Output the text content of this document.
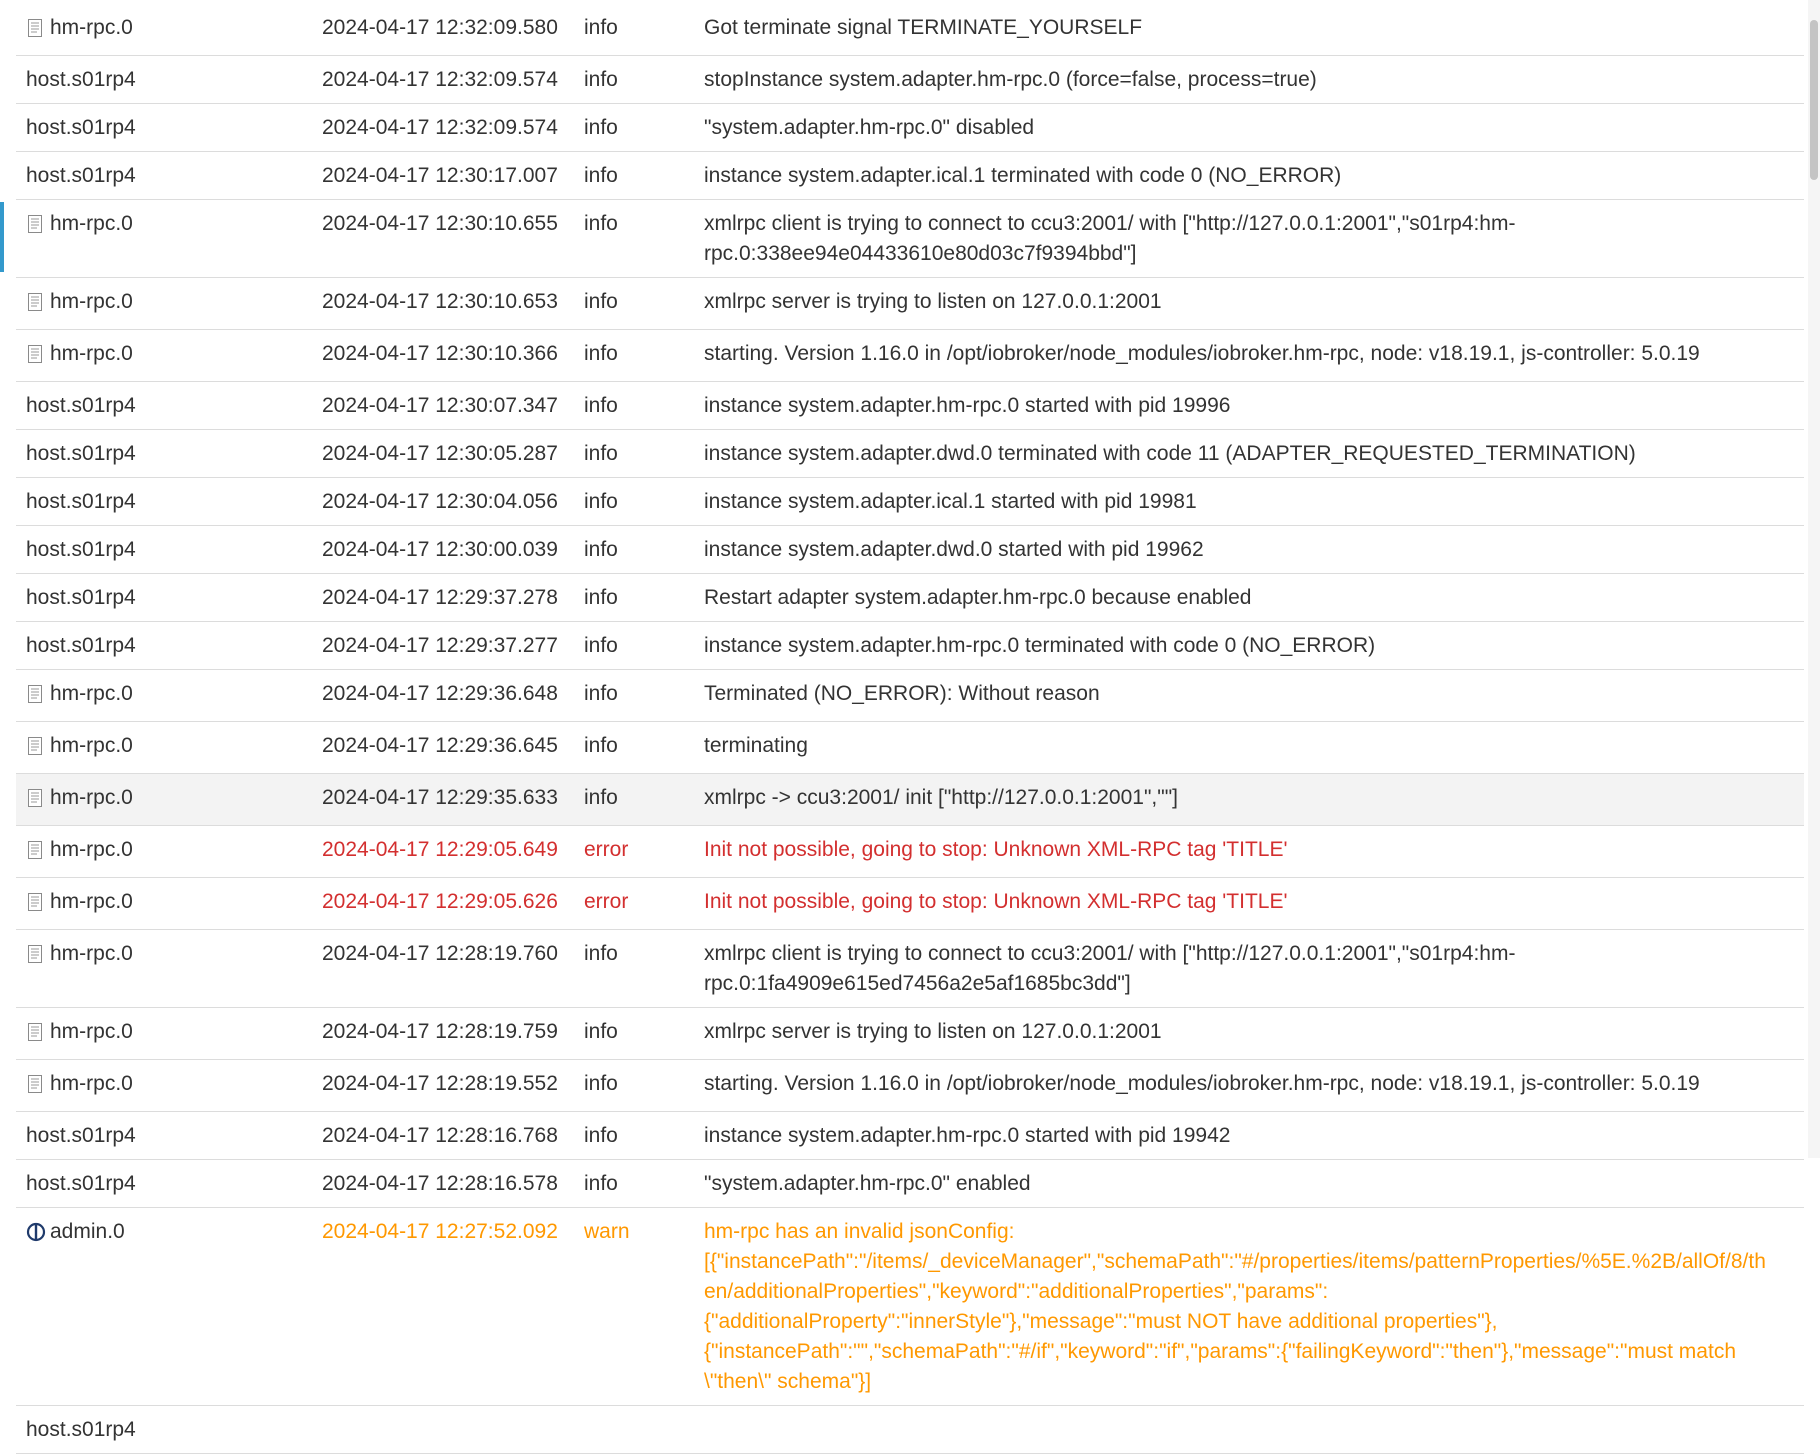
hm-rpc.0	2024-04-17 12:32:09.580	info	Got terminate signal TERMINATE_YOURSELF

host.s01rp4	2024-04-17 12:32:09.574	info	stopInstance system.adapter.hm-rpc.0 (force=false, process=true)

host.s01rp4	2024-04-17 12:32:09.574	info	"system.adapter.hm-rpc.0" disabled

host.s01rp4	2024-04-17 12:30:17.007	info	instance system.adapter.ical.1 terminated with code 0 (NO_ERROR)

hm-rpc.0	2024-04-17 12:30:10.655	info	xmlrpc client is trying to connect to ccu3:2001/ with ["http://127.0.0.1:2001","s01rp4:hm-rpc.0:338ee94e04433610e80d03c7f9394bbd"]

hm-rpc.0	2024-04-17 12:30:10.653	info	xmlrpc server is trying to listen on 127.0.0.1:2001

hm-rpc.0	2024-04-17 12:30:10.366	info	starting. Version 1.16.0 in /opt/iobroker/node_modules/iobroker.hm-rpc, node: v18.19.1, js-controller: 5.0.19

host.s01rp4	2024-04-17 12:30:07.347	info	instance system.adapter.hm-rpc.0 started with pid 19996

host.s01rp4	2024-04-17 12:30:05.287	info	instance system.adapter.dwd.0 terminated with code 11 (ADAPTER_REQUESTED_TERMINATION)

host.s01rp4	2024-04-17 12:30:04.056	info	instance system.adapter.ical.1 started with pid 19981

host.s01rp4	2024-04-17 12:30:00.039	info	instance system.adapter.dwd.0 started with pid 19962

host.s01rp4	2024-04-17 12:29:37.278	info	Restart adapter system.adapter.hm-rpc.0 because enabled

host.s01rp4	2024-04-17 12:29:37.277	info	instance system.adapter.hm-rpc.0 terminated with code 0 (NO_ERROR)

hm-rpc.0	2024-04-17 12:29:36.648	info	Terminated (NO_ERROR): Without reason

hm-rpc.0	2024-04-17 12:29:36.645	info	terminating

hm-rpc.0	2024-04-17 12:29:35.633	info	xmlrpc -> ccu3:2001/ init ["http://127.0.0.1:2001",""]

hm-rpc.0	2024-04-17 12:29:05.649	error	Init not possible, going to stop: Unknown XML-RPC tag 'TITLE'

hm-rpc.0	2024-04-17 12:29:05.626	error	Init not possible, going to stop: Unknown XML-RPC tag 'TITLE'

hm-rpc.0	2024-04-17 12:28:19.760	info	xmlrpc client is trying to connect to ccu3:2001/ with ["http://127.0.0.1:2001","s01rp4:hm-rpc.0:1fa4909e615ed7456a2e5af1685bc3dd"]

hm-rpc.0	2024-04-17 12:28:19.759	info	xmlrpc server is trying to listen on 127.0.0.1:2001

hm-rpc.0	2024-04-17 12:28:19.552	info	starting. Version 1.16.0 in /opt/iobroker/node_modules/iobroker.hm-rpc, node: v18.19.1, js-controller: 5.0.19

host.s01rp4	2024-04-17 12:28:16.768	info	instance system.adapter.hm-rpc.0 started with pid 19942

host.s01rp4	2024-04-17 12:28:16.578	info	"system.adapter.hm-rpc.0" enabled

admin.0	2024-04-17 12:27:52.092	warn	hm-rpc has an invalid jsonConfig: [{"instancePath":"/items/_deviceManager","schemaPath":"#/properties/items/patternProperties/%5E.%2B/allOf/8/then/additionalProperties","keyword":"additionalProperties","params":{"additionalProperty":"innerStyle"},"message":"must NOT have additional properties"},{"instancePath":"","schemaPath":"#/if","keyword":"if","params":{"failingKeyword":"then"},"message":"must match \"then\" schema"}]

host.s01rp4			
